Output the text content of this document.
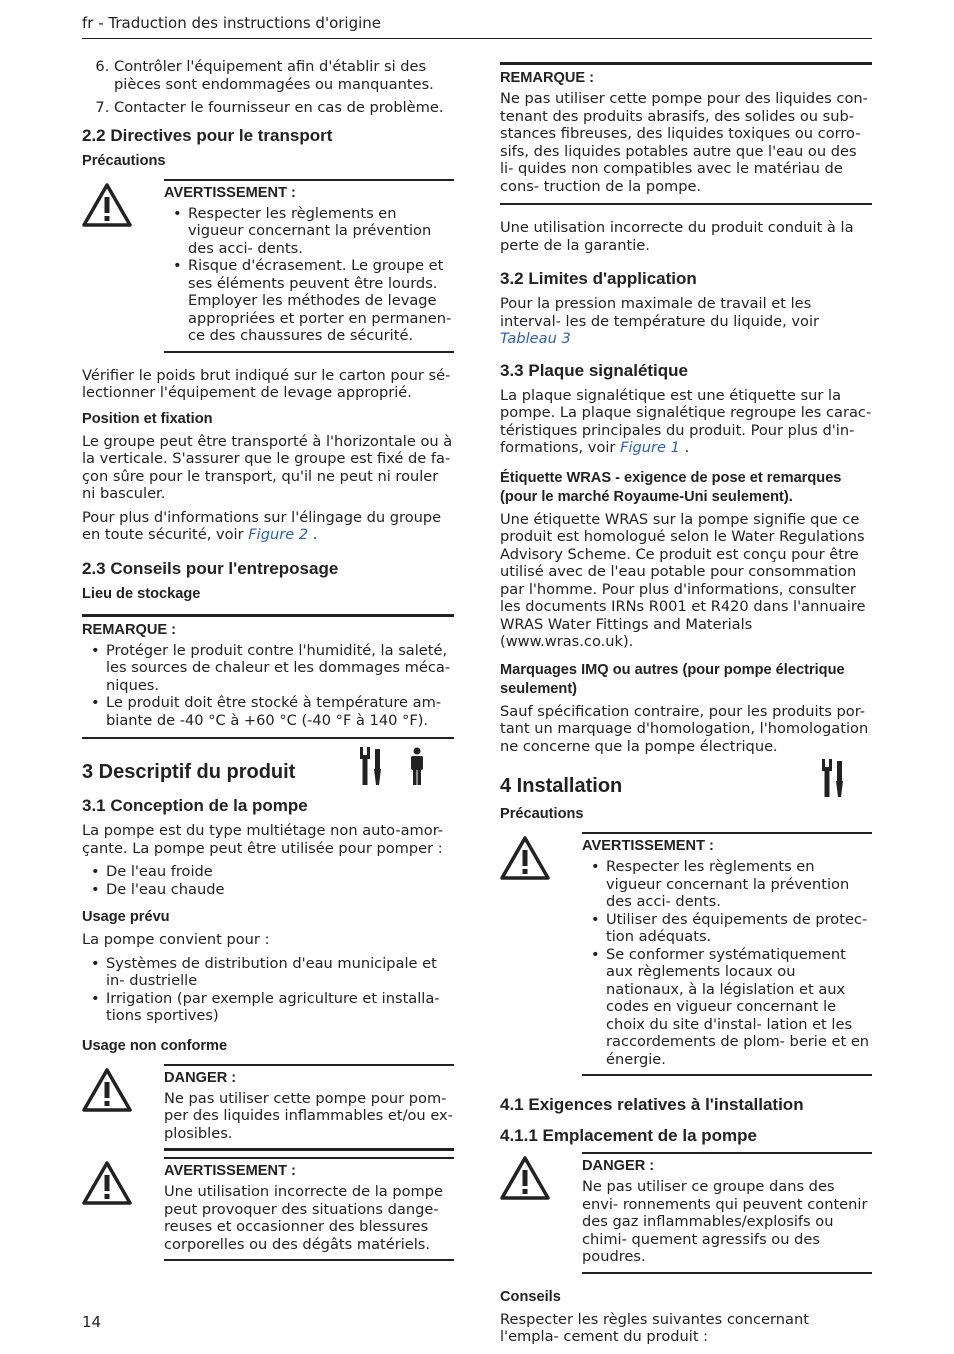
fr - Traduction des instructions d'origine
6. Contrôler l'équipement afin d'établir si des pièces sont endommagées ou manquantes.
7. Contacter le fournisseur en cas de problème.
2.2 Directives pour le transport
Précautions
AVERTISSEMENT :
• Respecter les règlements en vigueur concernant la prévention des acci- dents.
• Risque d'écrasement. Le groupe et ses éléments peuvent être lourds. Employer les méthodes de levage appropriées et porter en permanen- ce des chaussures de sécurité.

Vérifier le poids brut indiqué sur le carton pour sé- lectionner l'équipement de levage approprié.

Position et fixation

Le groupe peut être transporté à l'horizontale ou à la verticale. S'assurer que le groupe est fixé de fa- çon sûre pour le transport, qu'il ne peut ni rouler ni basculer.

Pour plus d'informations sur l'élingage du groupe en toute sécurité, voir Figure 2 .

2.3 Conseils pour l'entreposage
Lieu de stockage
REMARQUE :
• Protéger le produit contre l'humidité, la saleté, les sources de chaleur et les dommages méca- niques.
• Le produit doit être stocké à température am- biante de -40 °C à +60 °C (-40 °F à 140 °F).
3 Descriptif du produit
3.1 Conception de la pompe

La pompe est du type multiétage non auto-amor- çante. La pompe peut être utilisée pour pomper :

• De l'eau froide
• De l'eau chaude
Usage prévu

La pompe convient pour :

• Systèmes de distribution d'eau municipale et in- dustrielle
• Irrigation (par exemple agriculture et installa- tions sportives)
Usage non conforme
DANGER :

Ne pas utiliser cette pompe pour pom- per des liquides inflammables et/ou ex- plosibles.

AVERTISSEMENT :

Une utilisation incorrecte de la pompe peut provoquer des situations dange- reuses et occasionner des blessures corporelles ou des dégâts matériels.

REMARQUE :

Ne pas utiliser cette pompe pour des liquides con- tenant des produits abrasifs, des solides ou sub- stances fibreuses, des liquides toxiques ou corro- sifs, des liquides potables autre que l'eau ou des li- quides non compatibles avec le matériau de cons- truction de la pompe.

Une utilisation incorrecte du produit conduit à la perte de la garantie.

3.2 Limites d'application

Pour la pression maximale de travail et les interval- les de température du liquide, voir Tableau 3

3.3 Plaque signalétique

La plaque signalétique est une étiquette sur la pompe. La plaque signalétique regroupe les carac- téristiques principales du produit. Pour plus d'in- formations, voir Figure 1 .

Étiquette WRAS - exigence de pose et remarques (pour le marché Royaume-Uni seulement).

Une étiquette WRAS sur la pompe signifie que ce produit est homologué selon le Water Regulations Advisory Scheme. Ce produit est conçu pour être utilisé avec de l'eau potable pour consommation par l'homme. Pour plus d'informations, consulter les documents IRNs R001 et R420 dans l'annuaire WRAS Water Fittings and Materials (www.wras.co.uk).

Marquages IMQ ou autres (pour pompe électrique seulement)

Sauf spécification contraire, pour les produits por- tant un marquage d'homologation, l'homologation ne concerne que la pompe électrique.

4 Installation
Précautions
AVERTISSEMENT :
• Respecter les règlements en vigueur concernant la prévention des acci- dents.
• Utiliser des équipements de protec- tion adéquats.
• Se conformer systématiquement aux règlements locaux ou nationaux, à la législation et aux codes en vigueur concernant le choix du site d'instal- lation et les raccordements de plom- berie et en énergie.
4.1 Exigences relatives à l'installation
4.1.1 Emplacement de la pompe
DANGER :

Ne pas utiliser ce groupe dans des envi- ronnements qui peuvent contenir des gaz inflammables/explosifs ou chimi- quement agressifs ou des poudres.

Conseils

Respecter les règles suivantes concernant l'empla- cement du produit :

14
